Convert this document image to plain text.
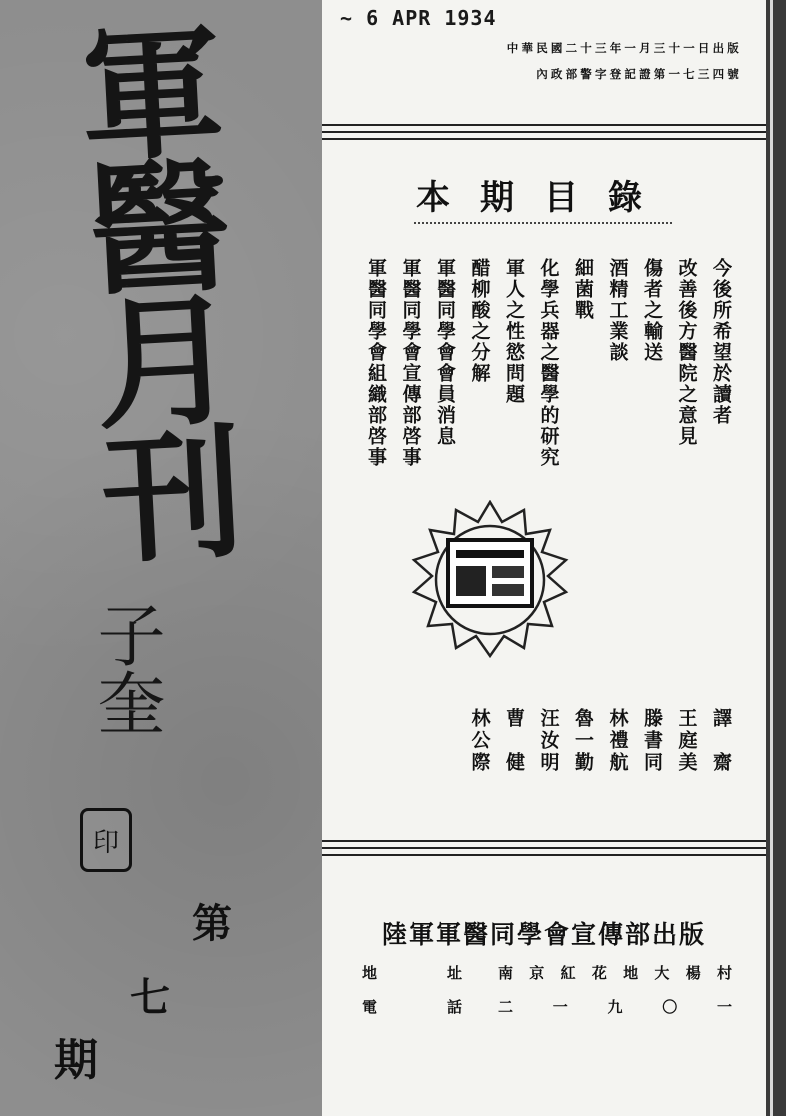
軍醫月刊
子奎
印
第
七
期
~ 6 APR 1934
中華民國二十三年一月三十一日出版
內政部警字登記證第一七三四號
本期目錄
今後所希望於讀者
改善後方醫院之意見
傷者之輸送
酒精工業談
細菌戰
化學兵器之醫學的研究
軍人之性慾問題
醋柳酸之分解
軍醫同學會會員消息
軍醫同學會宣傳部啓事
軍醫同學會組織部啓事
譯　齋
王庭美
滕書同
林禮航
魯一勤
汪汝明
曹　健
林公際
陸軍軍醫同學會宣傳部出版
地	址 南 京 紅 花 地 大 楊 村
電	話 二	一	九	〇	一
